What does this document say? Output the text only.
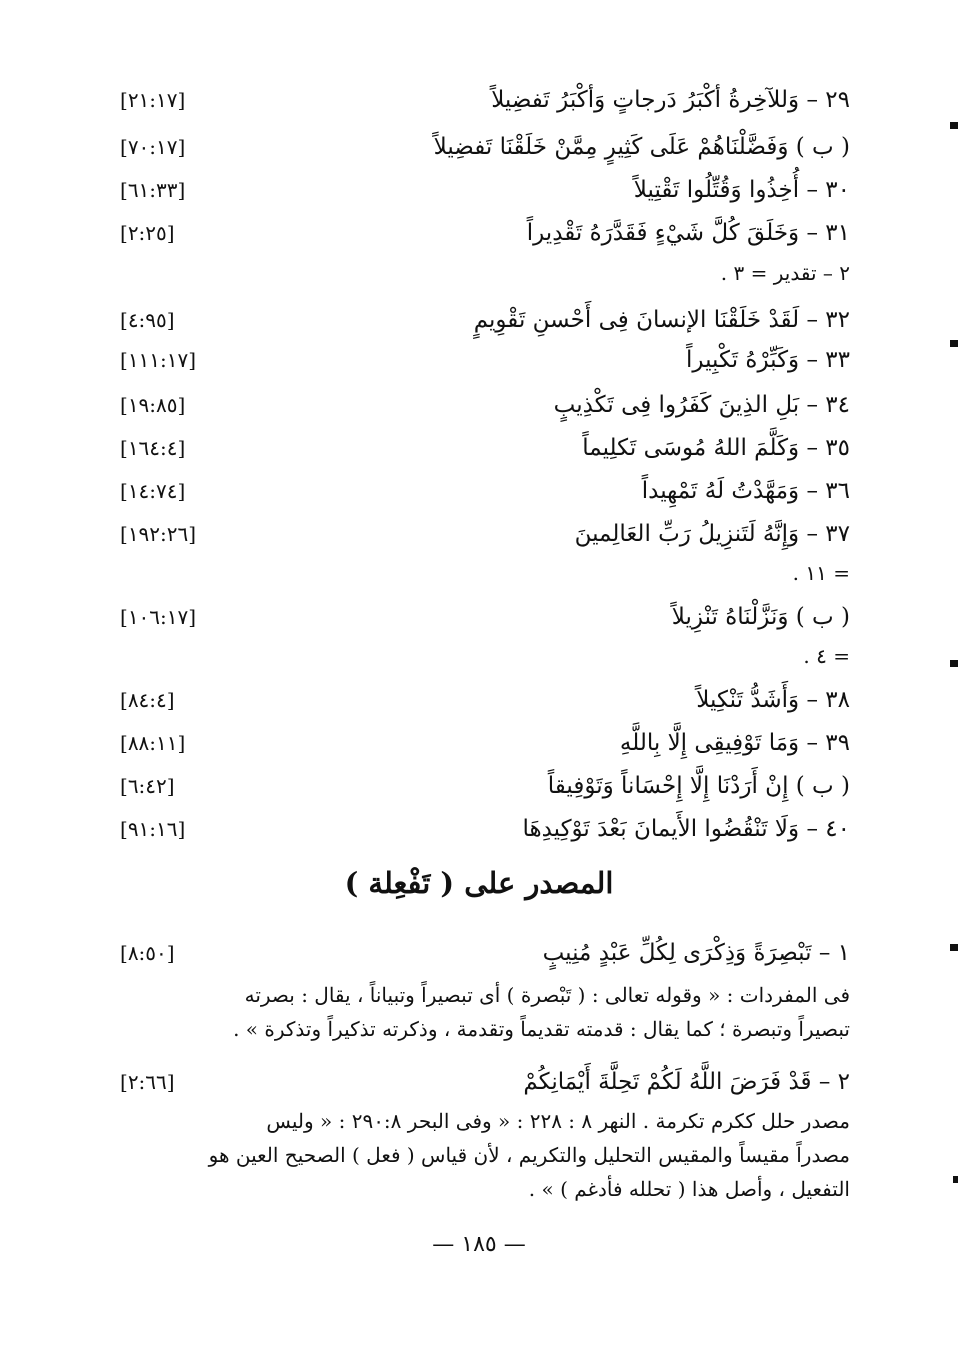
[٢١:١٧]	٢٩ – وَللآخِرةُ أكْبَرُ دَرجاتٍ وَأكْبَرُ تَفضِيلاً
[٧٠:١٧]	( ب ) وَفَضَّلْنَاهُمْ عَلَى كَثِيرٍ مِمَّنْ خَلَقْنَا تَفضِيلاً
[٦١:٣٣]	٣٠ – أُخِذُوا وَقُتِّلُوا تَقْتِيلاً
[٢:٢٥]	٣١ – وَخَلَقَ كُلَّ شَيْءٍ فَقَدَّرَهُ تَقْدِيراً
٢ – تقدير = ٣ .
[٤:٩٥]	٣٢ – لَقَدْ خَلَقْنَا الإنسانَ فِى أَحْسنِ تَقْوِيمٍ
[١١١:١٧]	٣٣ – وَكَبِّرْهُ تَكْبِيراً
[١٩:٨٥]	٣٤ – بَلِ الذِينَ كَفَرُوا فِى تَكْذِيبٍ
[١٦٤:٤]	٣٥ – وَكَلَّمَ اللهُ مُوسَى تَكلِيماً
[١٤:٧٤]	٣٦ – وَمَهَّدْتُ لَهُ تَمْهِيداً
[١٩٢:٢٦]	٣٧ – وَإِنَّهُ لَتَنزِيلُ رَبِّ العَالِمينَ
= ١١ .
[١٠٦:١٧]	( ب ) وَنَزَّلْنَاهُ تَنْزِيلاً
= ٤ .
[٨٤:٤]	٣٨ – وَأَشَدُّ تَنْكِيلاً
[٨٨:١١]	٣٩ – وَمَا تَوْفِيقِى إِلَّا بِاللَّهِ
[٦:٤٢]	( ب ) إِنْ أَرَدْنَا إِلَّا إِحْسَاناً وَتَوْفِيقاً
[٩١:١٦]	٤٠ – وَلَا تَنْقُضُوا الأَيمانَ بَعْدَ تَوْكِيدِهَا
المصدر على ( تَفْعِلة )
[٨:٥٠]	١ – تَبْصِرَةً وَذِكْرَى لِكُلِّ عَبْدٍ مُنِيبٍ

فى المفردات : « وقوله تعالى : ( تَبْصرة ) أى تبصيراً وتبياناً ، يقال : بصرته

تبصيراً وتبصرة ؛ كما يقال : قدمته تقديماً وتقدمة ، وذكرته تذكيراً وتذكرة » .

[٢:٦٦]	٢ – قَدْ فَرَضَ اللَّهُ لَكُمْ تَحِلَّةَ أَيْمَانِكُمْ

مصدر حلل ككرم تكرمة . النهر ٨ : ٢٢٨ : « وفى البحر ٢٩٠:٨ : « وليس

مصدراً مقيساً والمقيس التحليل والتكريم ، لأن قياس ( فعل ) الصحيح العين هو

التفعيل ، وأصل هذا ( تحلله فأدغم ) » .

— ١٨٥ —
